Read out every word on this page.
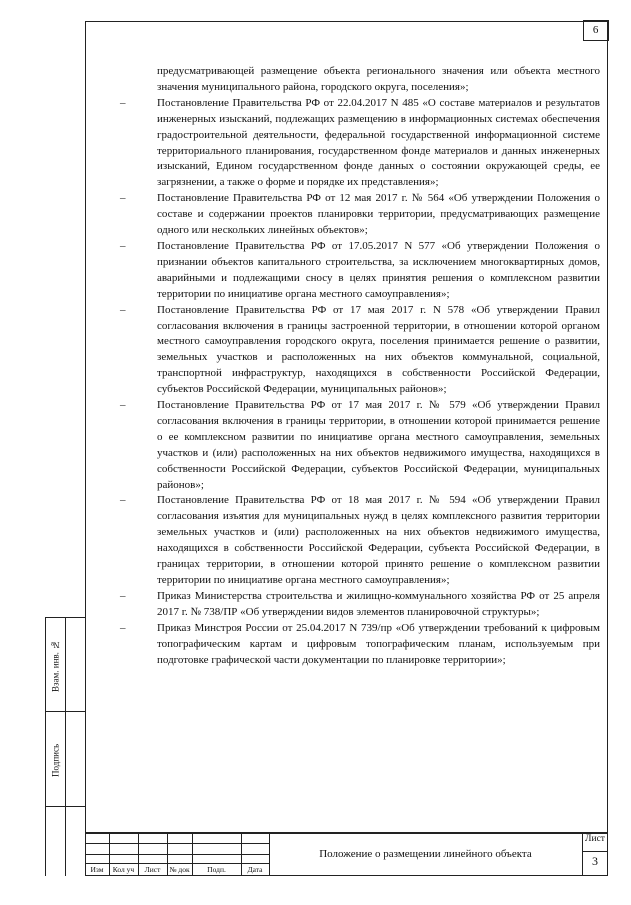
6

предусматривающей размещение объекта регионального значения или объекта местного значения муниципального района, городского округа, поселения»;

–	Постановление Правительства РФ от 22.04.2017 N 485 «О составе материалов и результатов инженерных изысканий, подлежащих размещению в информационных системах обеспечения градостроительной деятельности, федеральной государственной информационной системе территориального планирования, государственном фонде материалов и данных инженерных изысканий, Едином государственном фонде данных о состоянии окружающей среды, ее загрязнении, а также о форме и порядке их представления»;

–	Постановление Правительства РФ от 12 мая 2017 г. № 564 «Об утверждении Положения о составе и содержании проектов планировки территории, предусматривающих размещение одного или нескольких линейных объектов»;

–	Постановление Правительства РФ от 17.05.2017 N 577 «Об утверждении Положения о признании объектов капитального строительства, за исключением многоквартирных домов, аварийными и подлежащими сносу в целях принятия решения о комплексном развитии территории по инициативе органа местного самоуправления»;

–	Постановление Правительства РФ от 17 мая 2017 г. N 578 «Об утверждении Правил согласования включения в границы застроенной территории, в отношении которой органом местного самоуправления городского округа, поселения принимается решение о развитии, земельных участков и расположенных на них объектов коммунальной, социальной, транспортной инфраструктур, находящихся в собственности Российской Федерации, субъектов Российской Федерации, муниципальных районов»;

–	Постановление Правительства РФ от 17 мая 2017 г. № 579 «Об утверждении Правил согласования включения в границы территории, в отношении которой принимается решение о ее комплексном развитии по инициативе органа местного самоуправления, земельных участков и (или) расположенных на них объектов недвижимого имущества, находящихся в собственности Российской Федерации, субъектов Российской Федерации, муниципальных районов»;

–	Постановление Правительства РФ от 18 мая 2017 г. № 594 «Об утверждении Правил согласования изъятия для муниципальных нужд в целях комплексного развития территории земельных участков и (или) расположенных на них объектов недвижимого имущества, находящихся в собственности Российской Федерации, субъекта Российской Федерации, в границах территории, в отношении которой принято решение о комплексном развитии территории по инициативе органа местного самоуправления»;

–	Приказ Министерства строительства и жилищно-коммунального хозяйства РФ от 25 апреля 2017 г. № 738/ПР «Об утверждении видов элементов планировочной структуры»;

–	Приказ Минстроя России от 25.04.2017 N 739/пр «Об утверждении требований к цифровым топографическим картам и цифровым топографическим планам, используемым при подготовке графической части документации по планировке территории»;

Взам. инв. №
Подпись
Изм	Кол уч	Лист	№ док	Подп.	Дата
Положение о размещении линейного объекта
Лист
3
